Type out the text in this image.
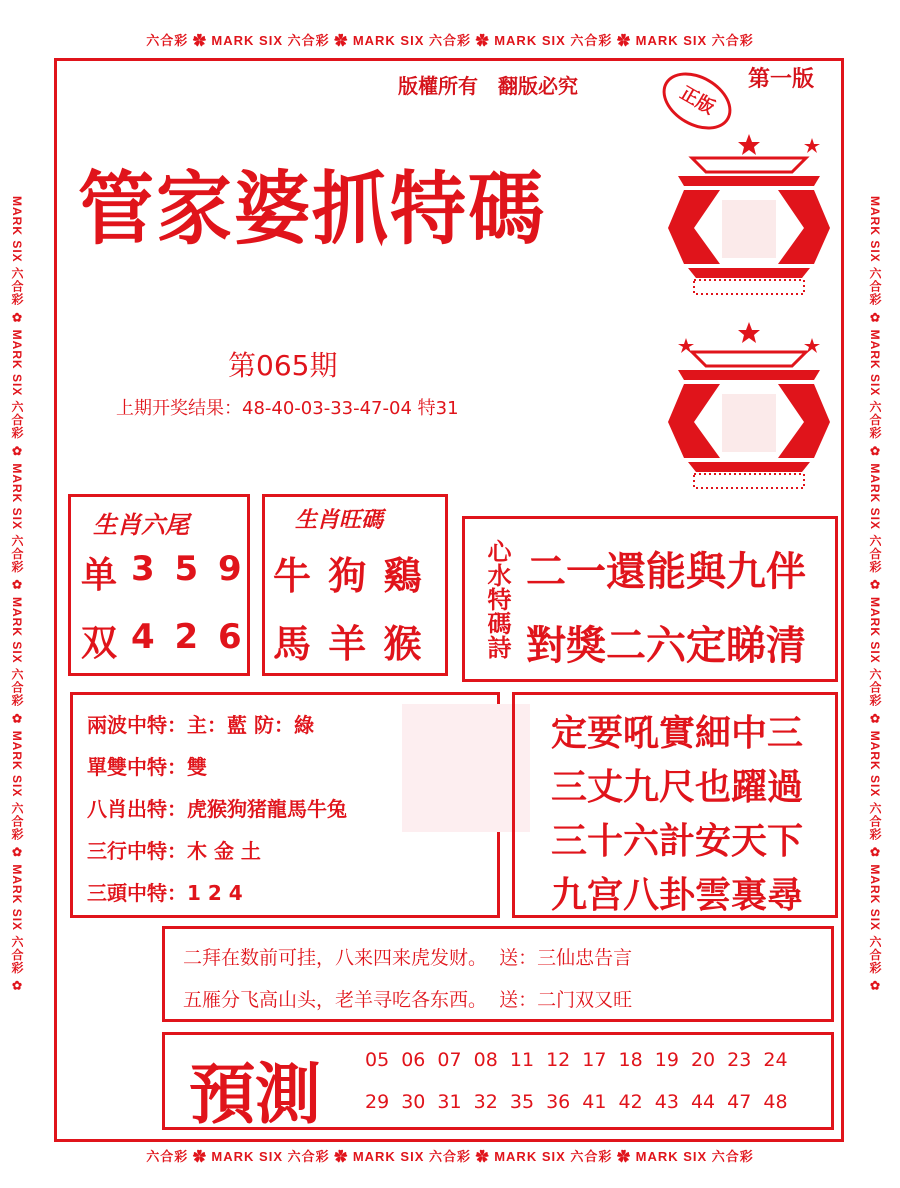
六合彩 ✿ MARK SIX 六合彩 ✿ MARK SIX 六合彩 ✿ MARK SIX 六合彩 ✿ MARK SIX 六合彩
六合彩 ✿ MARK SIX 六合彩 ✿ MARK SIX 六合彩 ✿ MARK SIX 六合彩 ✿ MARK SIX 六合彩
MARK SIX 六合彩 ✿ MARK SIX 六合彩 ✿ MARK SIX 六合彩 ✿ MARK SIX 六合彩 ✿ MARK SIX 六合彩 ✿ MARK SIX 六合彩 ✿	MARK SIX 六合彩 ✿ MARK SIX 六合彩 ✿ MARK SIX 六合彩 ✿ MARK SIX 六合彩 ✿ MARK SIX 六合彩 ✿ MARK SIX 六合彩 ✿
版權所有　翻版必究	正版
第一版
管家婆抓特碼
第065期
上期开奖结果：48-40-03-33-47-04 特31
生肖六尾
单 3 5 9
双 4 2 6
生肖旺碼
牛 狗 鷄
馬 羊 猴	心水特碼詩 二一還能與九伴
對獎二六定睇清
兩波中特：主：藍 防：綠
單雙中特：雙
八肖出特：虎猴狗猪龍馬牛兔
三行中特：木 金 土
三頭中特：1 2 4
定要吼實細中三
三丈九尺也躍過
三十六計安天下
九宫八卦雲裏尋
二拜在数前可挂，八来四来虎发财。  送：三仙忠告言
五雁分飞高山头，老羊寻吃各东西。  送：二门双又旺
預測 05 06 07 08 11 12 17 18 19 20 23 24
29 30 31 32 35 36 41 42 43 44 47 48
